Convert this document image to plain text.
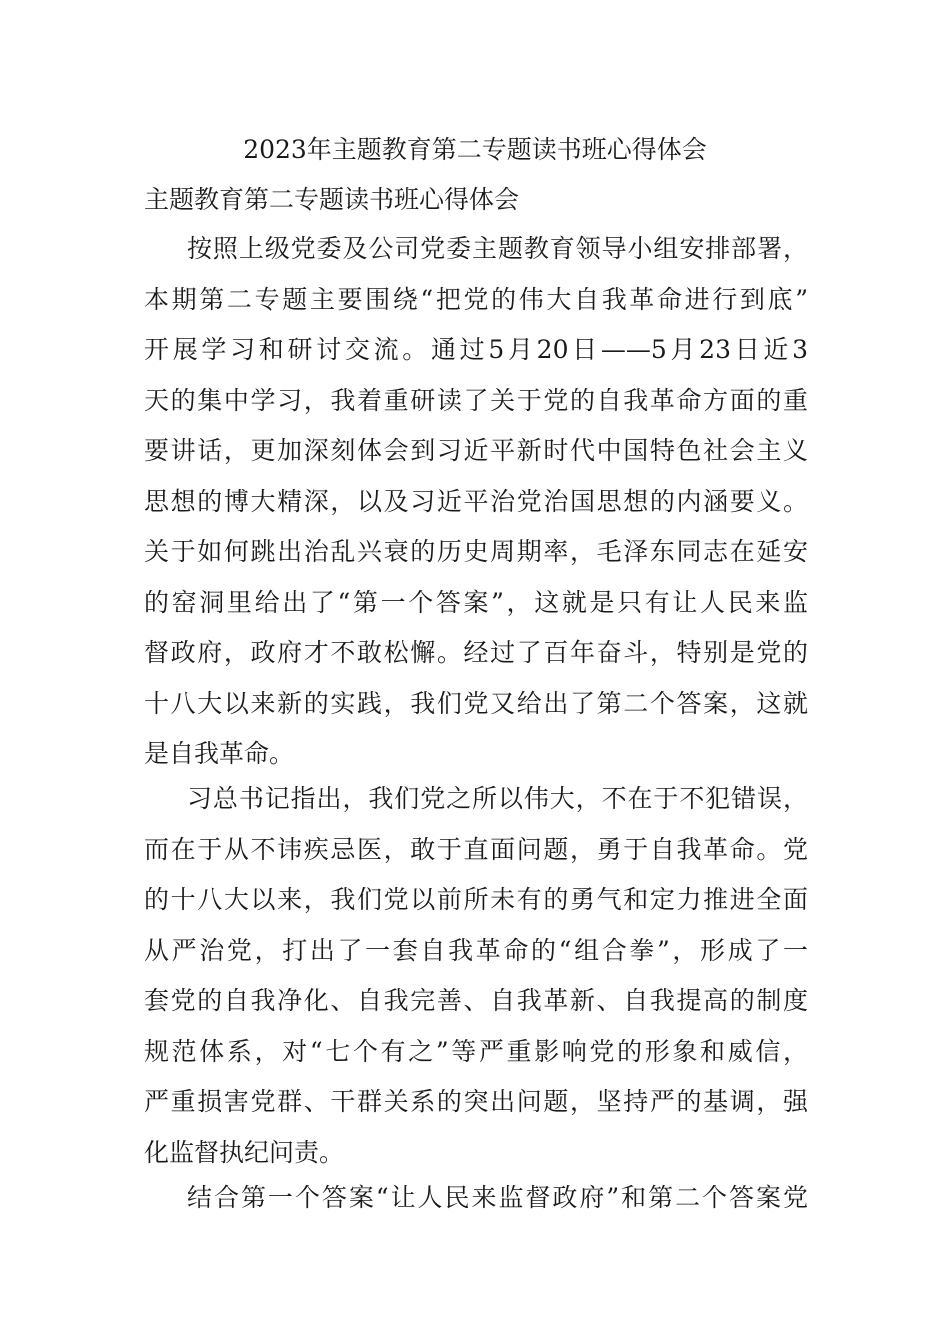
2023年主题教育第二专题读书班心得体会
主题教育第二专题读书班心得体会
按照上级党委及公司党委主题教育领导小组安排部署，
本期第二专题主要围绕“把党的伟大自我革命进行到底”
开展学习和研讨交流。通过5月20日——5月23日近3
天的集中学习，我着重研读了关于党的自我革命方面的重
要讲话，更加深刻体会到习近平新时代中国特色社会主义
思想的博大精深，以及习近平治党治国思想的内涵要义。
关于如何跳出治乱兴衰的历史周期率，毛泽东同志在延安
的窑洞里给出了“第一个答案”，这就是只有让人民来监
督政府，政府才不敢松懈。经过了百年奋斗，特别是党的
十八大以来新的实践，我们党又给出了第二个答案，这就
是自我革命。
习总书记指出，我们党之所以伟大，不在于不犯错误，
而在于从不讳疾忌医，敢于直面问题，勇于自我革命。党
的十八大以来，我们党以前所未有的勇气和定力推进全面
从严治党，打出了一套自我革命的“组合拳”，形成了一
套党的自我净化、自我完善、自我革新、自我提高的制度
规范体系，对“七个有之”等严重影响党的形象和威信，
严重损害党群、干群关系的突出问题，坚持严的基调，强
化监督执纪问责。
结合第一个答案“让人民来监督政府”和第二个答案党
